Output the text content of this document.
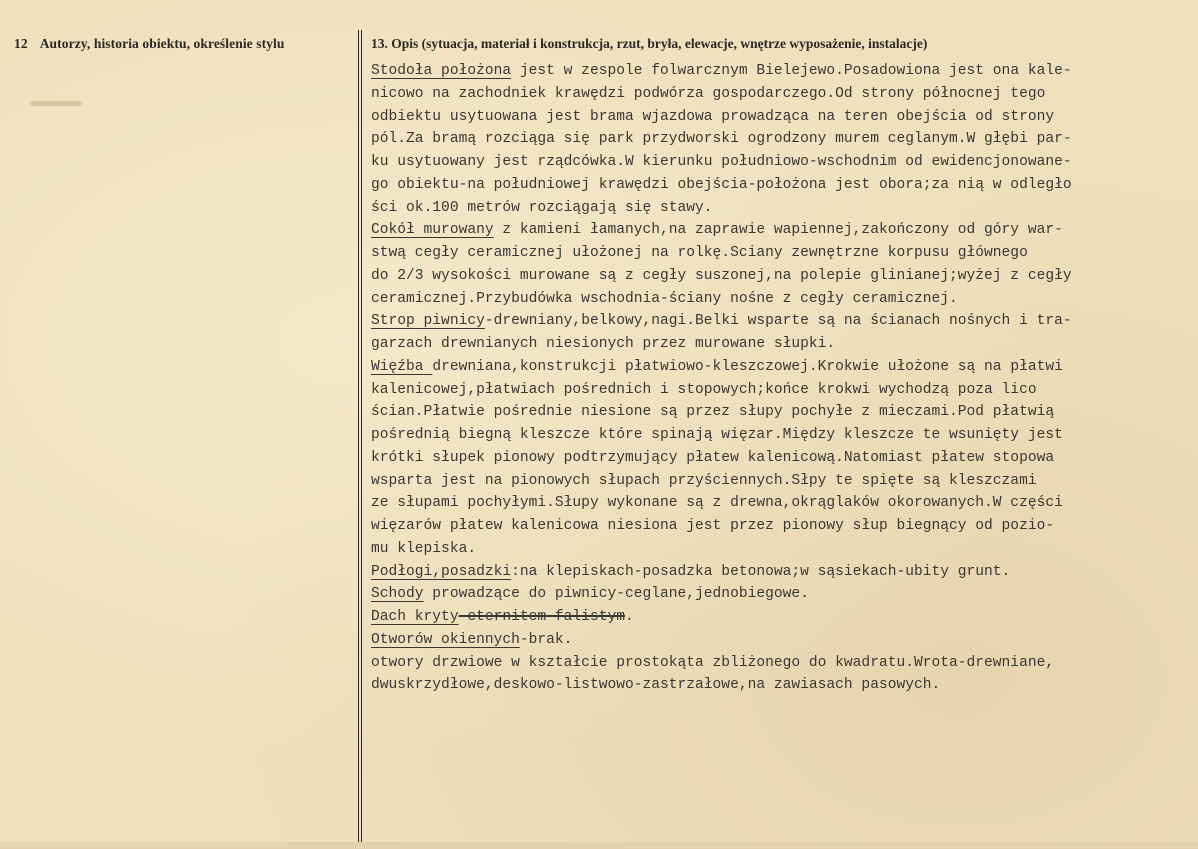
12 Autorzy, historia obiektu, określenie stylu	13. Opis (sytuacja, materiał i konstrukcja, rzut, bryła, elewacje, wnętrze wyposażenie, instalacje)
Stodoła położona jest w zespole folwarcznym Bielejewo.Posadowiona jest ona kale-
nicowo na zachodniek krawędzi podwórza gospodarczego.Od strony północnej tego
odbiektu usytuowana jest brama wjazdowa prowadząca na teren obejścia od strony
pól.Za bramą rozciąga się park przydworski ogrodzony murem ceglanym.W głębi par-
ku usytuowany jest rządcówka.W kierunku południowo-wschodnim od ewidencjonowane-
go obiektu-na południowej krawędzi obejścia-położona jest obora;za nią w odległo
ści ok.100 metrów rozciągają się stawy.
Cokół murowany z kamieni łamanych,na zaprawie wapiennej,zakończony od góry war-
stwą cegły ceramicznej ułożonej na rolkę.Sciany zewnętrzne korpusu głównego
do 2/3 wysokości murowane są z cegły suszonej,na polepie glinianej;wyżej z cegły
ceramicznej.Przybudówka wschodnia-ściany nośne z cegły ceramicznej.
Strop piwnicy-drewniany,belkowy,nagi.Belki wsparte są na ścianach nośnych i tra-
garzach drewnianych niesionych przez murowane słupki.
Więźba drewniana,konstrukcji płatwiowo-kleszczowej.Krokwie ułożone są na płatwi
kalenicowej,płatwiach pośrednich i stopowych;końce krokwi wychodzą poza lico
ścian.Płatwie pośrednie niesione są przez słupy pochyłe z mieczami.Pod płatwią
pośrednią biegną kleszcze które spinają więzar.Między kleszcze te wsunięty jest
krótki słupek pionowy podtrzymujący płatew kalenicową.Natomiast płatew stopowa
wsparta jest na pionowych słupach przyściennych.Słpy te spięte są kleszczami
ze słupami pochyłymi.Słupy wykonane są z drewna,okrąglaków okorowanych.W części
więzarów płatew kalenicowa niesiona jest przez pionowy słup biegnący od pozio-
mu klepiska.
Podłogi,posadzki:na klepiskach-posadzka betonowa;w sąsiekach-ubity grunt.
Schody prowadzące do piwnicy-ceglane,jednobiegowe.
Dach kryty eternitem falistym.
Otworów okiennych-brak.
otwory drzwiowe w kształcie prostokąta zbliżonego do kwadratu.Wrota-drewniane,
dwuskrzydłowe,deskowo-listwowo-zastrzałowe,na zawiasach pasowych.
